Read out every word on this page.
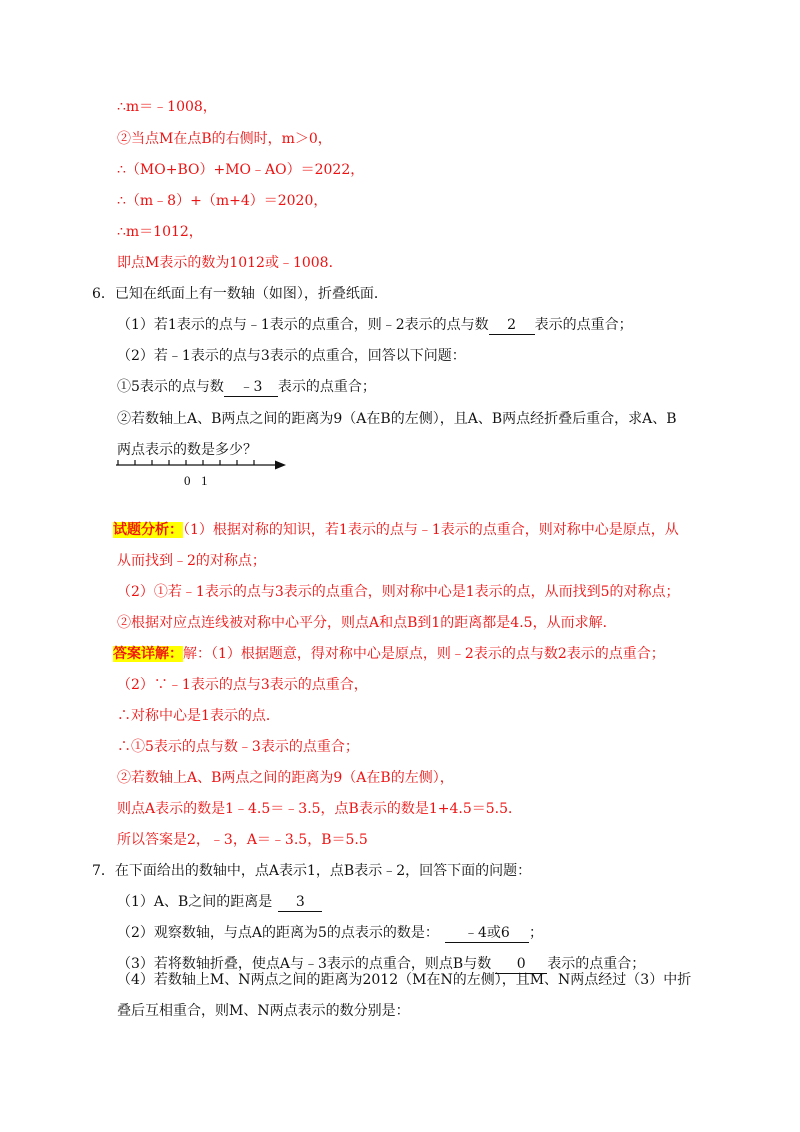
∴m＝﹣1008，
②当点M在点B的右侧时，m＞0，
∴（MO+BO）+MO﹣AO）＝2022，
∴（m﹣8）+（m+4）＝2020，
∴m＝1012，
即点M表示的数为1012或﹣1008．
6．已知在纸面上有一数轴（如图），折叠纸面．
②若数轴上A、B两点之间的距离为9（A在B的左侧），且A、B两点经折叠后重合，求A、B
两点表示的数是多少？
从而找到﹣2的对称点；
（2）①若﹣1表示的点与3表示的点重合，则对称中心是1表示的点，从而找到5的对称点；
②根据对应点连线被对称中心平分，则点A和点B到1的距离都是4.5，从而求解．
（2）∵﹣1表示的点与3表示的点重合，
∴对称中心是1表示的点．
∴①5表示的点与数﹣3表示的点重合；
②若数轴上A、B两点之间的距离为9（A在B的左侧），
则点A表示的数是1﹣4.5＝﹣3.5，点B表示的数是1+4.5＝5.5．
所以答案是2，﹣3，A＝﹣3.5，B＝5.5
7．在下面给出的数轴中，点A表示1，点B表示﹣2，回答下面的问题：
叠后互相重合，则M、N两点表示的数分别是：
（1）若1表示的点与﹣1表示的点重合，则﹣2表示的点与数 2 表示的点重合；
（2）若﹣1表示的点与3表示的点重合，回答以下问题：
①5表示的点与数 ﹣3 表示的点重合；
0 1
试题分析：（1）根据对称的知识，若1表示的点与﹣1表示的点重合，则对称中心是原点，从
答案详解：解：（1）根据题意，得对称中心是原点，则﹣2表示的点与数2表示的点重合；
（1）A、B之间的距离是 3
（2）观察数轴，与点A的距离为5的点表示的数是： ﹣4或6 ；
（3）若将数轴折叠，使点A与﹣3表示的点重合，则点B与数 0 表示的点重合；
（4）若数轴上M、N两点之间的距离为2012（M在N的左侧），且M、N两点经过（3）中折
